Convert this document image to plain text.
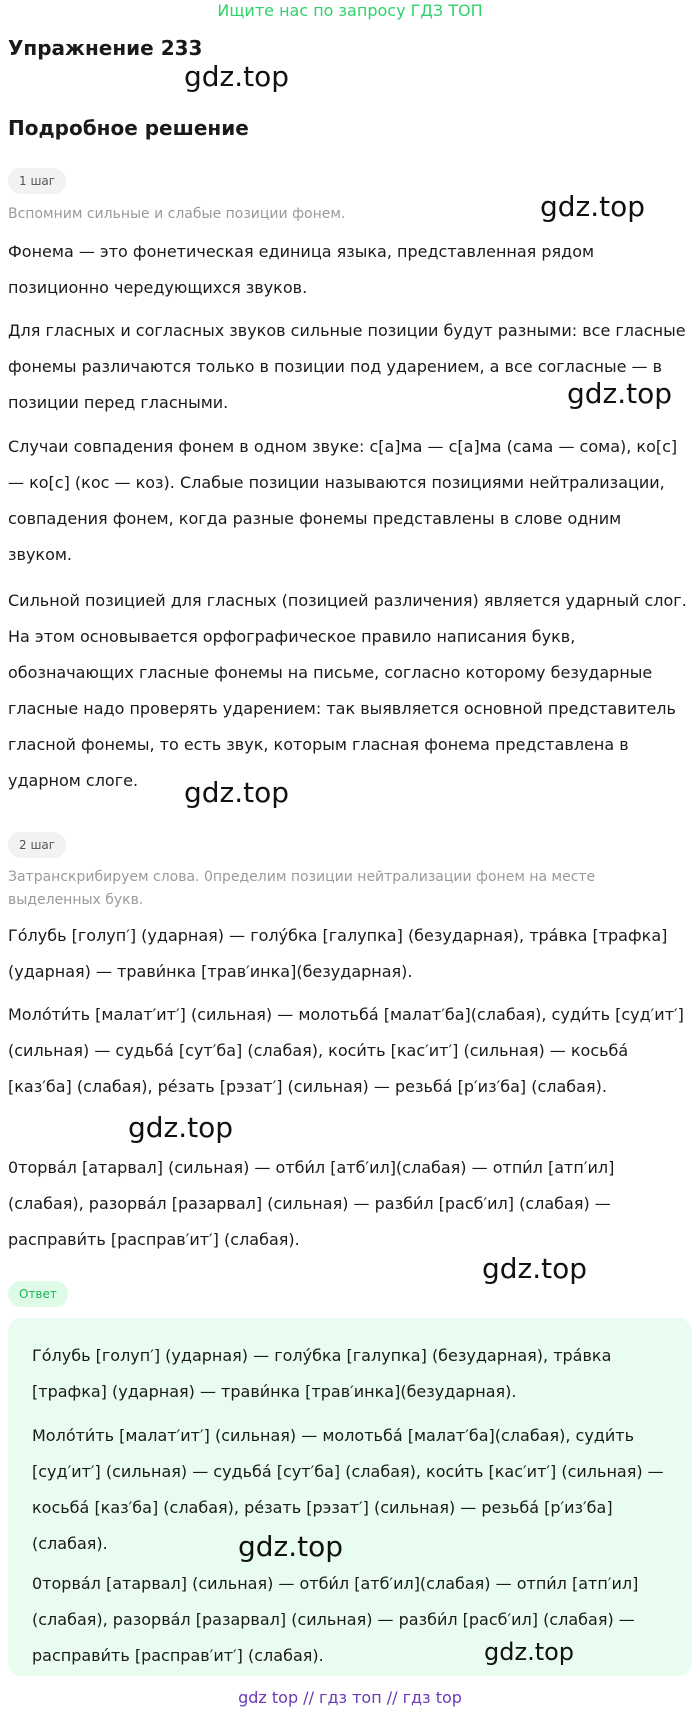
Ищите нас по запросу ГДЗ ТОП
Упражнение 233
gdz.top
Подробное решение
1 шаг

Вспомним сильные и слабые позиции фонем.	gdz.top

Фонема — это фонетическая единица языка, представленная рядом позиционно чередующихся звуков.

Для гласных и согласных звуков сильные позиции будут разными: все гласные фонемы различаются только в позиции под ударением, а все согласные — в позиции перед гласными.	gdz.top

Случаи совпадения фонем в одном звуке: с[а]ма — с[а]ма (сама — сома), ко[с] — ко[с] (кос — коз). Слабые позиции называются позициями нейтрализации, совпадения фонем, когда разные фонемы представлены в слове одним звуком.

Сильной позицией для гласных (позицией различения) является ударный слог. На этом основывается орфографическое правило написания букв, обозначающих гласные фонемы на письме, согласно которому безударные гласные надо проверять ударением: так выявляется основной представитель гласной фонемы, то есть звук, которым гласная фонема представлена в ударном слоге.	gdz.top
2 шаг

Затранскрибируем слова. 0пределим позиции нейтрализации фонем на месте выделенных букв.

Го́лубь [голуп′] (ударная) — голу́бка [галупка] (безударная), тра́вка [трафка] (ударная) — трави́нка [трав′инка](безударная).

Моло́ти́ть [малат′ит′] (сильная) — молотьба́ [малат′ба](слабая), суди́ть [суд′ит′] (сильная) — судьба́ [сут′ба] (слабая), коси́ть [кас′ит′] (сильная) — косьба́ [каз′ба] (слабая), ре́зать [рэзат′] (сильная) — резьба́ [р′из′ба] (слабая).

gdz.top

0торва́л [атарвал] (сильная) — отби́л [атб′ил](слабая) — отпи́л [атп′ил] (слабая), разорва́л [разарвал] (сильная) — разби́л [расб′ил] (слабая) — расправи́ть [расправ′ит′] (слабая).

gdz.top
Ответ

Го́лубь [голуп′] (ударная) — голу́бка [галупка] (безударная), тра́вка [трафка] (ударная) — трави́нка [трав′инка](безударная).

Моло́ти́ть [малат′ит′] (сильная) — молотьба́ [малат′ба](слабая), суди́ть [суд′ит′] (сильная) — судьба́ [сут′ба] (слабая), коси́ть [кас′ит′] (сильная) — косьба́ [каз′ба] (слабая), ре́зать [рэзат′] (сильная) — резьба́ [р′из′ба] (слабая).

0торва́л [атарвал] (сильная) — отби́л [атб′ил](слабая) — отпи́л [атп′ил] (слабая), разорва́л [разарвал] (сильная) — разби́л [расб′ил] (слабая) — расправи́ть [расправ′ит′] (слабая).

gdz.top
gdz.top
gdz top // гдз топ // гдз top
